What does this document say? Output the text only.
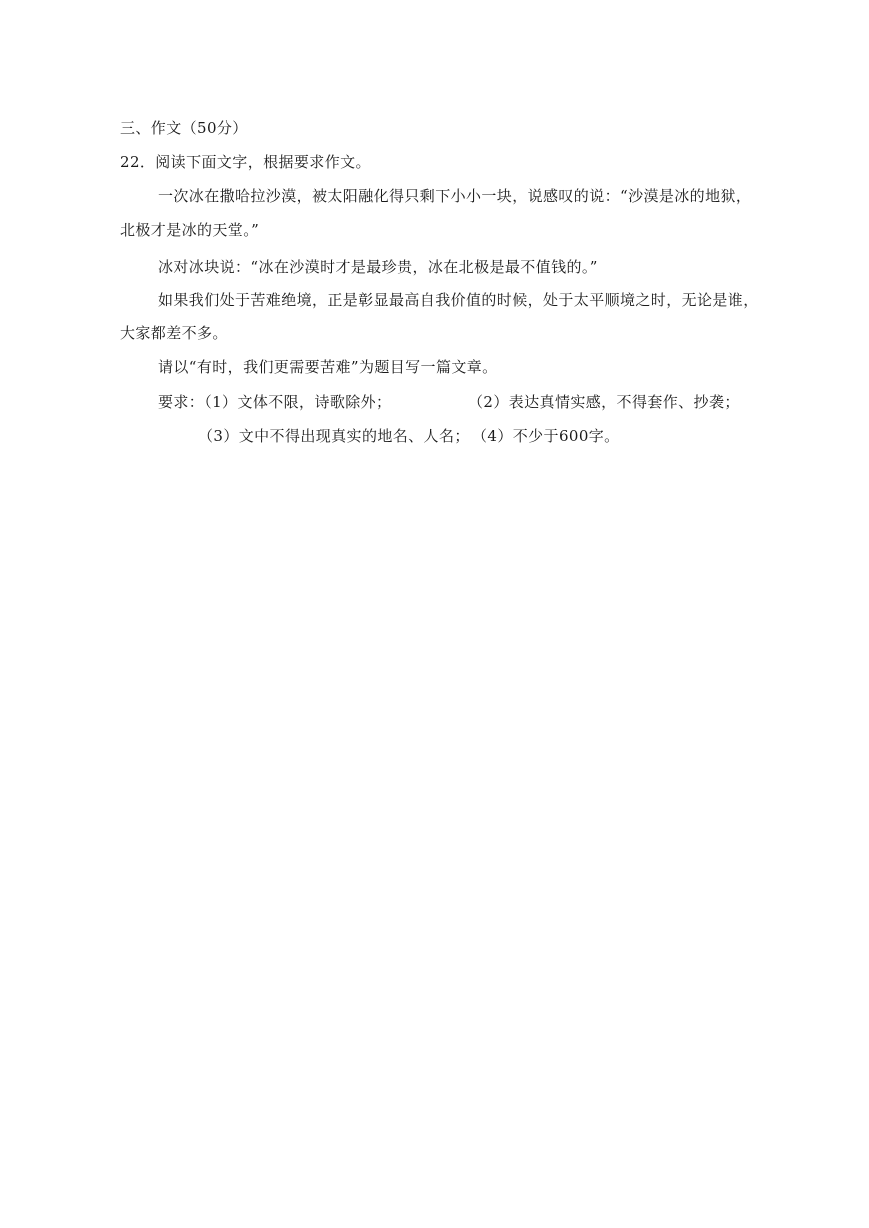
三、作文（50分）
22．阅读下面文字，根据要求作文。
一次冰在撒哈拉沙漠，被太阳融化得只剩下小小一块，说感叹的说：“沙漠是冰的地狱，
北极才是冰的天堂。”
冰对冰块说：“冰在沙漠时才是最珍贵，冰在北极是最不值钱的。”
如果我们处于苦难绝境，正是彰显最高自我价值的时候，处于太平顺境之时，无论是谁，
大家都差不多。
请以“有时，我们更需要苦难”为题目写一篇文章。
要求：（1）文体不限，诗歌除外；	（2）表达真情实感，不得套作、抄袭；
（3）文中不得出现真实的地名、人名； （4）不少于600字。
